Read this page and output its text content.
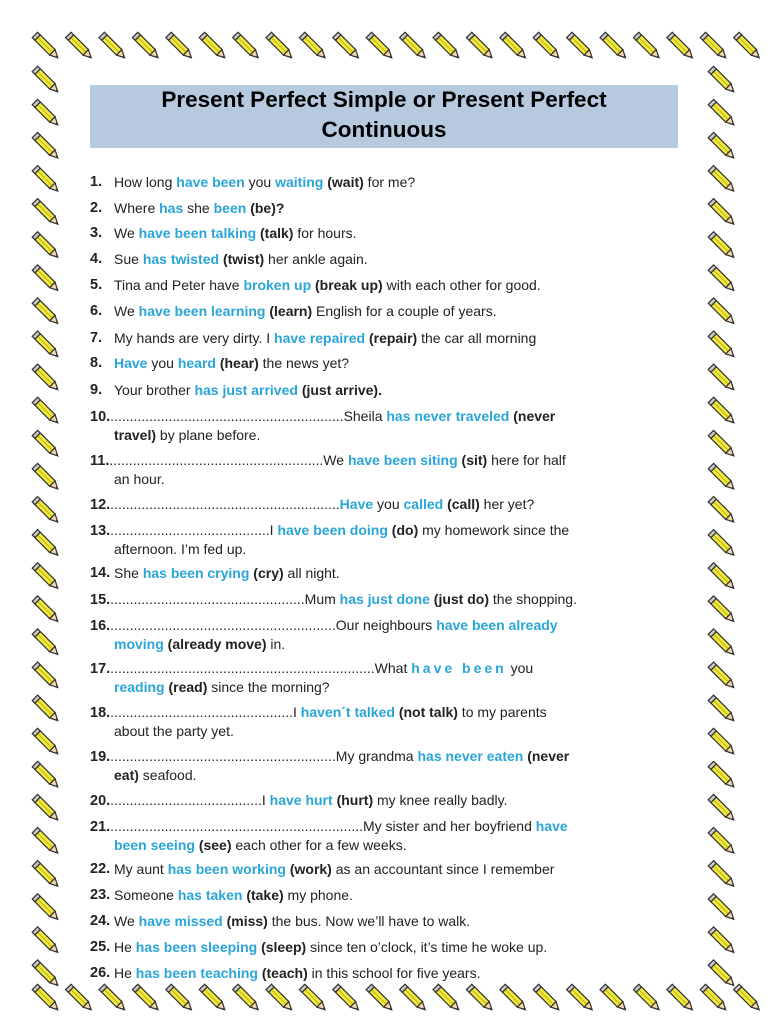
Present Perfect Simple or Present Perfect
Continuous
1. How long have been you waiting (wait) for me?
2. Where has she been (be)?
3. We have been talking (talk) for hours.
4. Sue has twisted (twist) her ankle again.
5. Tina and Peter have broken up (break up) with each other for good.
6. We have been learning (learn) English for a couple of years.
7. My hands are very dirty. I have repaired (repair) the car all morning
8. Have you heard (hear) the news yet?
9. Your brother has just arrived (just arrive).
10.............................................................Sheila has never traveled (never
travel) by plane before.
11........................................................We have been siting (sit) here for half
an hour.
12............................................................Have you called (call) her yet?
13..........................................I have been doing (do) my homework since the
afternoon. I’m fed up.
14. She has been crying (cry) all night.
15...................................................Mum has just done (just do) the shopping.
16...........................................................Our neighbours have been already
moving (already move) in.
17.....................................................................What have been you
reading (read) since the morning?
18................................................I haven´t talked (not talk) to my parents
about the party yet.
19...........................................................My grandma has never eaten (never
eat) seafood.
20........................................I have hurt (hurt) my knee really badly.
21..................................................................My sister and her boyfriend have
been seeing (see) each other for a few weeks.
22. My aunt has been working (work) as an accountant since I remember
23. Someone has taken (take) my phone.
24. We have missed (miss) the bus. Now we’ll have to walk.
25. He has been sleeping (sleep) since ten o’clock, it’s time he woke up.
26. He has been teaching (teach) in this school for five years.
